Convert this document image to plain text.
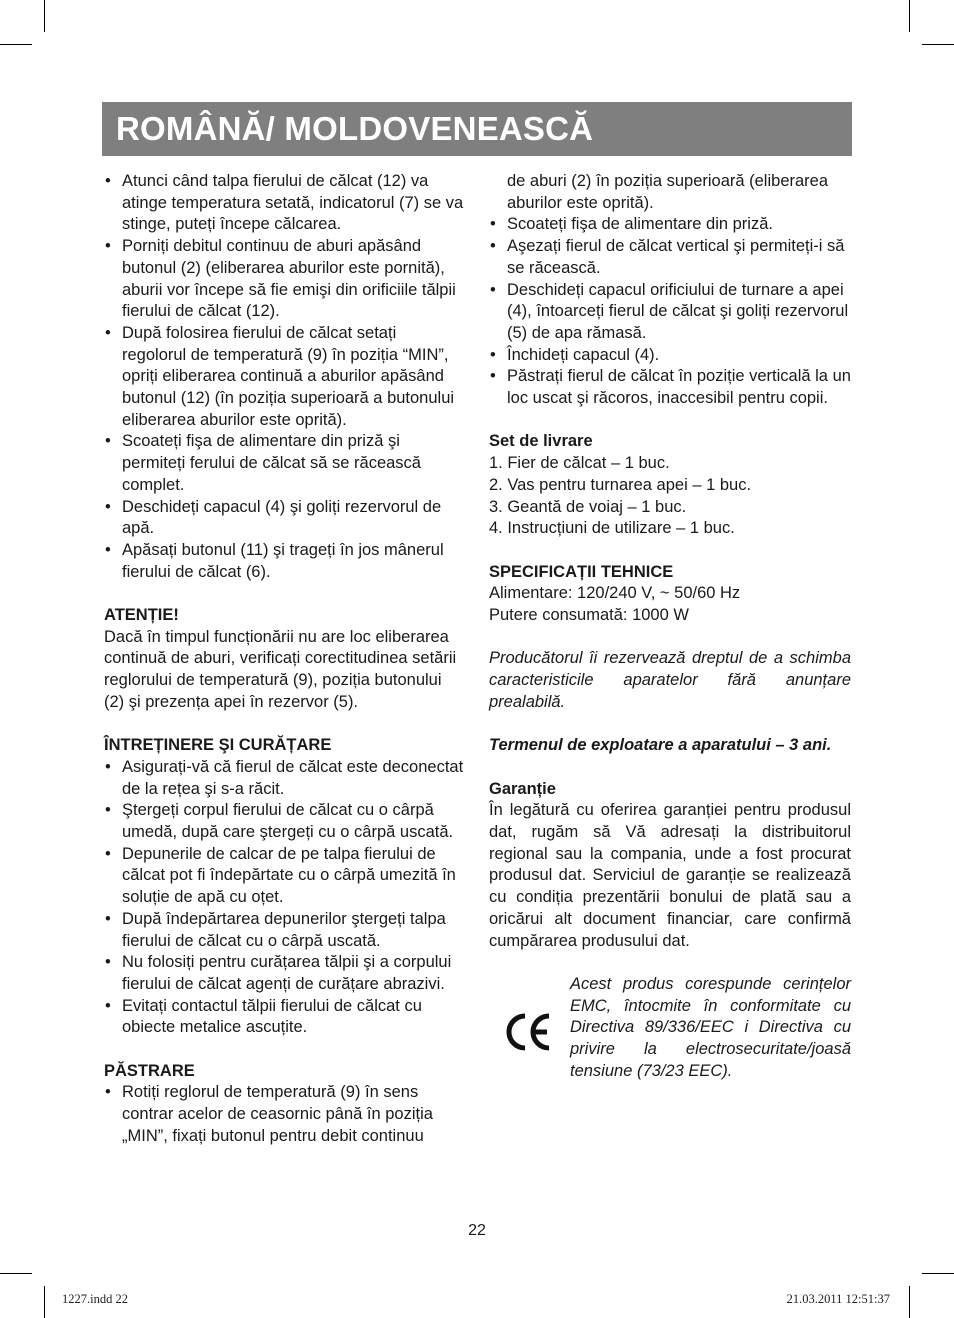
ROMÂNĂ/ MOLDOVENEASCĂ
• Atunci când talpa fierului de călcat (12) va atinge temperatura setată, indicatorul (7) se va stinge, puteți începe călcarea.
• Porniți debitul continuu de aburi apăsând butonul (2) (eliberarea aburilor este pornită), aburii vor începe să fie emişi din orificiile tălpii fierului de călcat (12).
• După folosirea fierului de călcat setați regolorul de temperatură (9) în poziția “MIN”, opriți eliberarea continuă a aburilor apăsând butonul (12) (în poziția superioară a butonului eliberarea aburilor este oprită).
• Scoateți fişa de alimentare din priză şi permiteți ferului de călcat să se răcească complet.
• Deschideți capacul (4) şi goliți rezervorul de apă.
• Apăsați butonul (11) şi trageți în jos mânerul fierului de călcat (6).
ATENȚIE!
Dacă în timpul funcționării nu are loc eliberarea continuă de aburi, verificați corectitudinea setării reglorului de temperatură (9), poziția butonului (2) şi prezența apei în rezervor (5).
ÎNTREȚINERE ŞI CURĂȚARE
• Asigurați-vă că fierul de călcat este deconectat de la rețea şi s-a răcit.
• Ştergeți corpul fierului de călcat cu o cârpă umedă, după care ştergeți cu o cârpă uscată.
• Depunerile de calcar de pe talpa fierului de călcat pot fi îndepărtate cu o cârpă umezită în soluție de apă cu oțet.
• După îndepărtarea depunerilor ştergeți talpa fierului de călcat cu o cârpă uscată.
• Nu folosiți pentru curățarea tălpii şi a corpului fierului de călcat agenți de curățare abrazivi.
• Evitați contactul tălpii fierului de călcat cu obiecte metalice ascuțite.
PĂSTRARE
• Rotiți reglorul de temperatură (9) în sens contrar acelor de ceasornic până în poziția „MIN”, fixați butonul pentru debit continuu
de aburi (2) în poziția superioară (eliberarea aburilor este oprită).
• Scoateți fişa de alimentare din priză.
• Aşezați fierul de călcat vertical şi permiteți-i să se răcească.
• Deschideți capacul orificiului de turnare a apei (4), întoarceți fierul de călcat şi goliți rezervorul (5) de apa rămasă.
• Închideți capacul (4).
• Păstrați fierul de călcat în poziție verticală la un loc uscat şi răcoros, inaccesibil pentru copii.
Set de livrare
1. Fier de călcat – 1 buc.
2. Vas pentru turnarea apei – 1 buc.
3. Geantă de voiaj – 1 buc.
4. Instrucțiuni de utilizare – 1 buc.
SPECIFICAȚII TEHNICE
Alimentare: 120/240 V, ~ 50/60 Hz
Putere consumată: 1000 W
Producătorul îi rezervează dreptul de a schimba caracteristicile aparatelor fără anunțare prealabilă.
Termenul de exploatare a aparatului – 3 ani.
Garanție
În legătură cu oferirea garanției pentru produsul dat, rugăm să Vă adresați la distribuitorul regional sau la compania, unde a fost procurat produsul dat. Serviciul de garanție se realizează cu condiția prezentării bonului de plată sau a oricărui alt document financiar, care confirmă cumpărarea produsului dat.
Acest produs corespunde cerințelor EMC, întocmite în conformitate cu Directiva 89/336/EEC i Directiva cu privire la electrosecuritate/joasă tensiune (73/23 EEC).
22
1227.indd 22	21.03.2011 12:51:37
